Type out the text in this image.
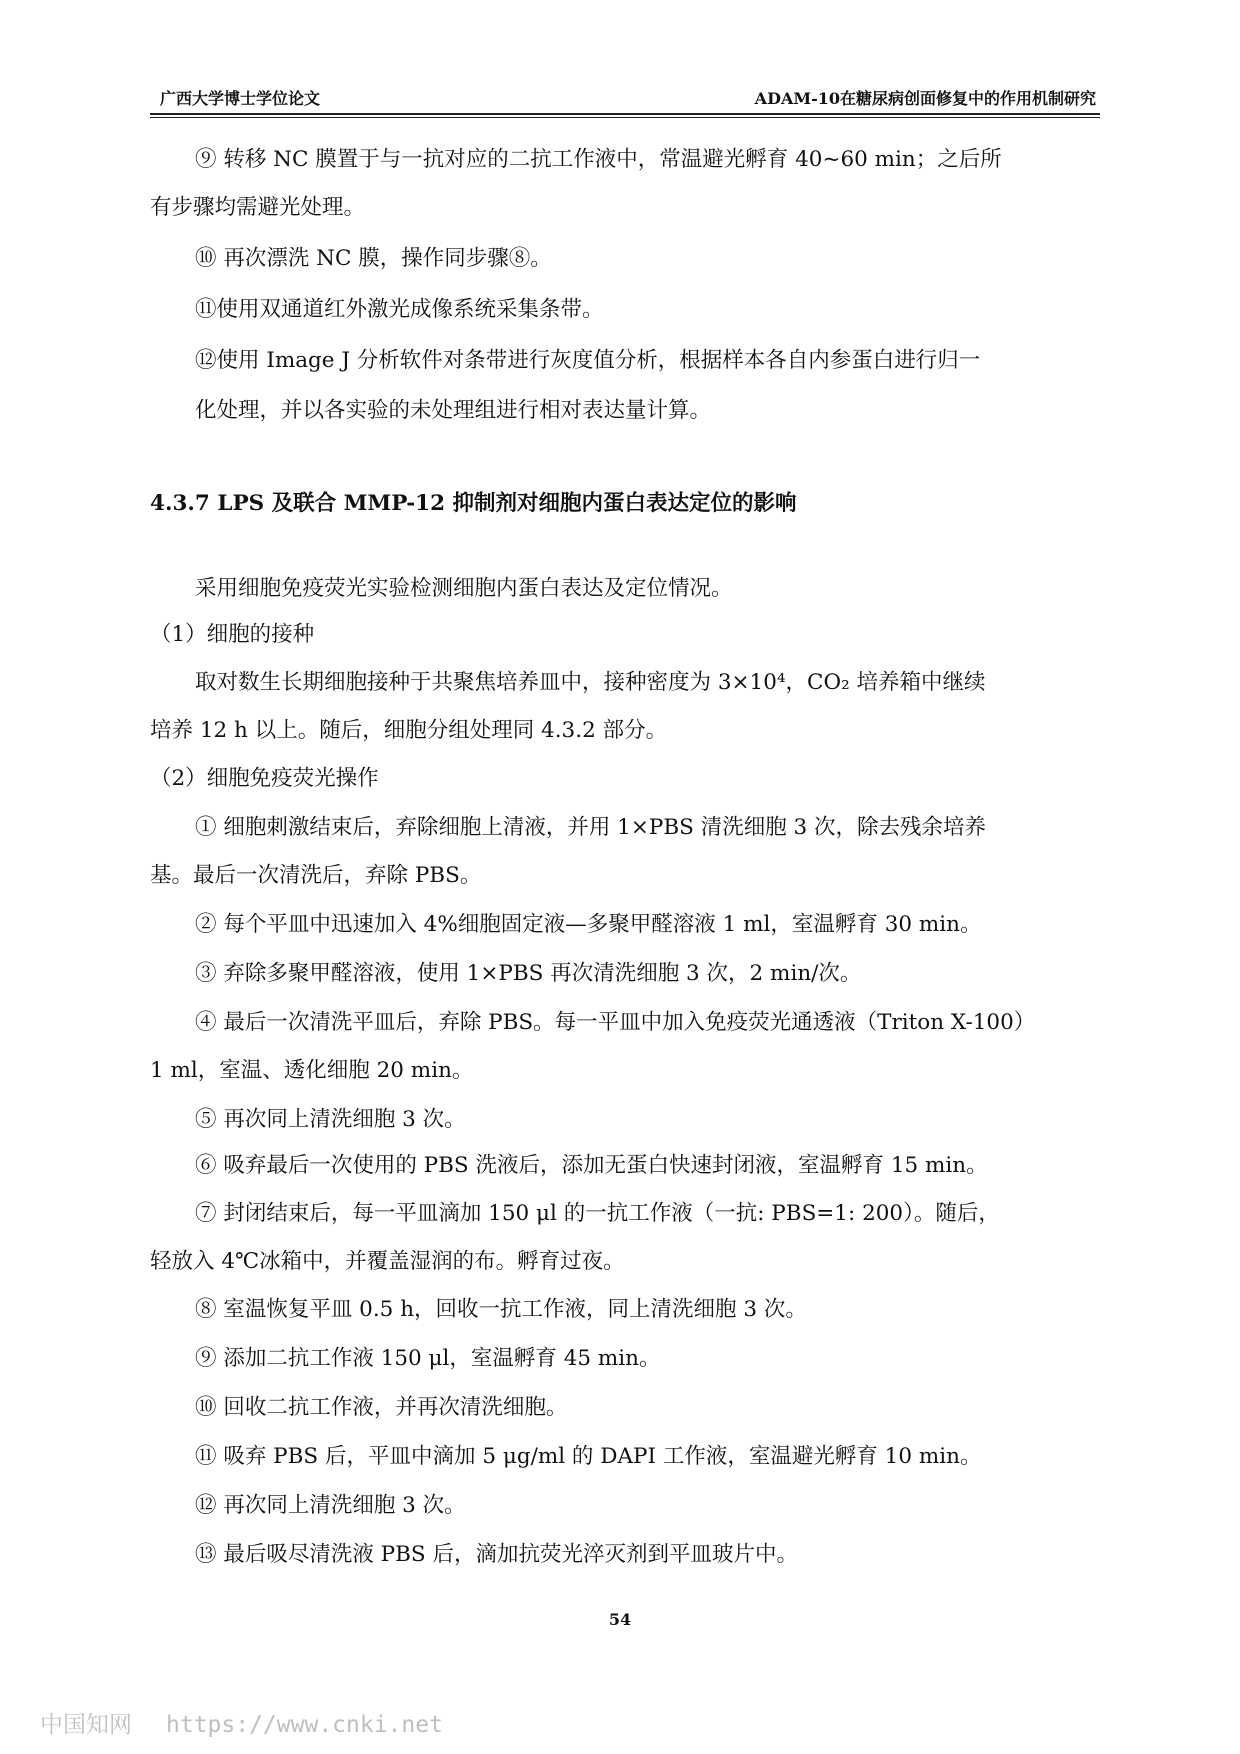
广西大学博士学位论文	ADAM-10在糖尿病创面修复中的作用机制研究
⑨ 转移 NC 膜置于与一抗对应的二抗工作液中，常温避光孵育 40~60 min；之后所
有步骤均需避光处理。
⑩ 再次漂洗 NC 膜，操作同步骤⑧。
⑪使用双通道红外激光成像系统采集条带。
⑫使用 Image J 分析软件对条带进行灰度值分析，根据样本各自内参蛋白进行归一
化处理，并以各实验的未处理组进行相对表达量计算。
4.3.7 LPS 及联合 MMP-12 抑制剂对细胞内蛋白表达定位的影响
采用细胞免疫荧光实验检测细胞内蛋白表达及定位情况。
（1）细胞的接种
取对数生长期细胞接种于共聚焦培养皿中，接种密度为 3×10⁴，CO₂ 培养箱中继续
培养 12 h 以上。随后，细胞分组处理同 4.3.2 部分。
（2）细胞免疫荧光操作
① 细胞刺激结束后，弃除细胞上清液，并用 1×PBS 清洗细胞 3 次，除去残余培养
基。最后一次清洗后，弃除 PBS。
② 每个平皿中迅速加入 4%细胞固定液—多聚甲醛溶液 1 ml，室温孵育 30 min。
③ 弃除多聚甲醛溶液，使用 1×PBS 再次清洗细胞 3 次，2 min/次。
④ 最后一次清洗平皿后，弃除 PBS。每一平皿中加入免疫荧光通透液（Triton X-100）
1 ml，室温、透化细胞 20 min。
⑤ 再次同上清洗细胞 3 次。
⑥ 吸弃最后一次使用的 PBS 洗液后，添加无蛋白快速封闭液，室温孵育 15 min。
⑦ 封闭结束后，每一平皿滴加 150 μl 的一抗工作液（一抗: PBS=1: 200）。随后，
轻放入 4℃冰箱中，并覆盖湿润的布。孵育过夜。
⑧ 室温恢复平皿 0.5 h，回收一抗工作液，同上清洗细胞 3 次。
⑨ 添加二抗工作液 150 μl，室温孵育 45 min。
⑩ 回收二抗工作液，并再次清洗细胞。
⑪ 吸弃 PBS 后，平皿中滴加 5 μg/ml 的 DAPI 工作液，室温避光孵育 10 min。
⑫ 再次同上清洗细胞 3 次。
⑬ 最后吸尽清洗液 PBS 后，滴加抗荧光淬灭剂到平皿玻片中。
54
中国知网 https://www.cnki.net
